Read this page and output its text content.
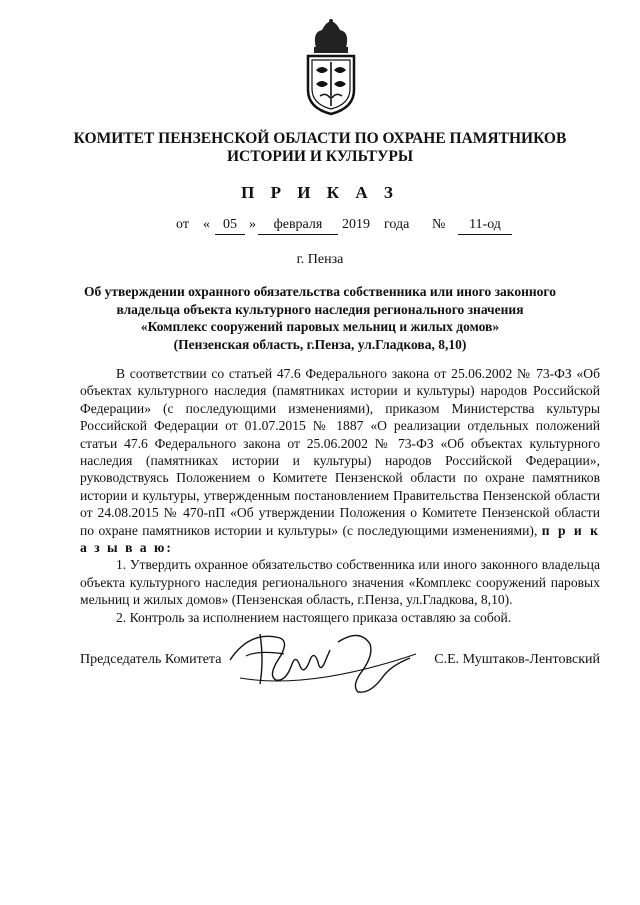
КОМИТЕТ ПЕНЗЕНСКОЙ ОБЛАСТИ ПО ОХРАНЕ ПАМЯТНИКОВ
ИСТОРИИ И КУЛЬТУРЫ
П Р И К А З
от « 05 »	февраля	2019 года №	11-од
г. Пенза
Об утверждении охранного обязательства собственника или иного законного
владельца объекта культурного наследия регионального значения
«Комплекс сооружений паровых мельниц и жилых домов»
(Пензенская область, г.Пенза, ул.Гладкова, 8,10)

В соответствии со статьей 47.6 Федерального закона от 25.06.2002 № 73-ФЗ «Об объектах культурного наследия (памятниках истории и культуры) народов Российской Федерации» (с последующими изменениями), приказом Министерства культуры Российской Федерации от 01.07.2015 № 1887 «О реализации отдельных положений статьи 47.6 Федерального закона от 25.06.2002 № 73-ФЗ «Об объектах культурного наследия (памятниках истории и культуры) народов Российской Федерации», руководствуясь Положением о Комитете Пензенской области по охране памятников истории и культуры, утвержденным постановлением Правительства Пензенской области от 24.08.2015 № 470-пП «Об утверждении Положения о Комитете Пензенской области по охране памятников истории и культуры» (с последующими изменениями), п р и к а з ы в а ю:

1. Утвердить охранное обязательство собственника или иного законного владельца объекта культурного наследия регионального значения «Комплекс сооружений паровых мельниц и жилых домов» (Пензенская область, г.Пенза, ул.Гладкова, 8,10).

2. Контроль за исполнением настоящего приказа оставляю за собой.

Председатель Комитета	С.Е. Муштаков-Лентовский
